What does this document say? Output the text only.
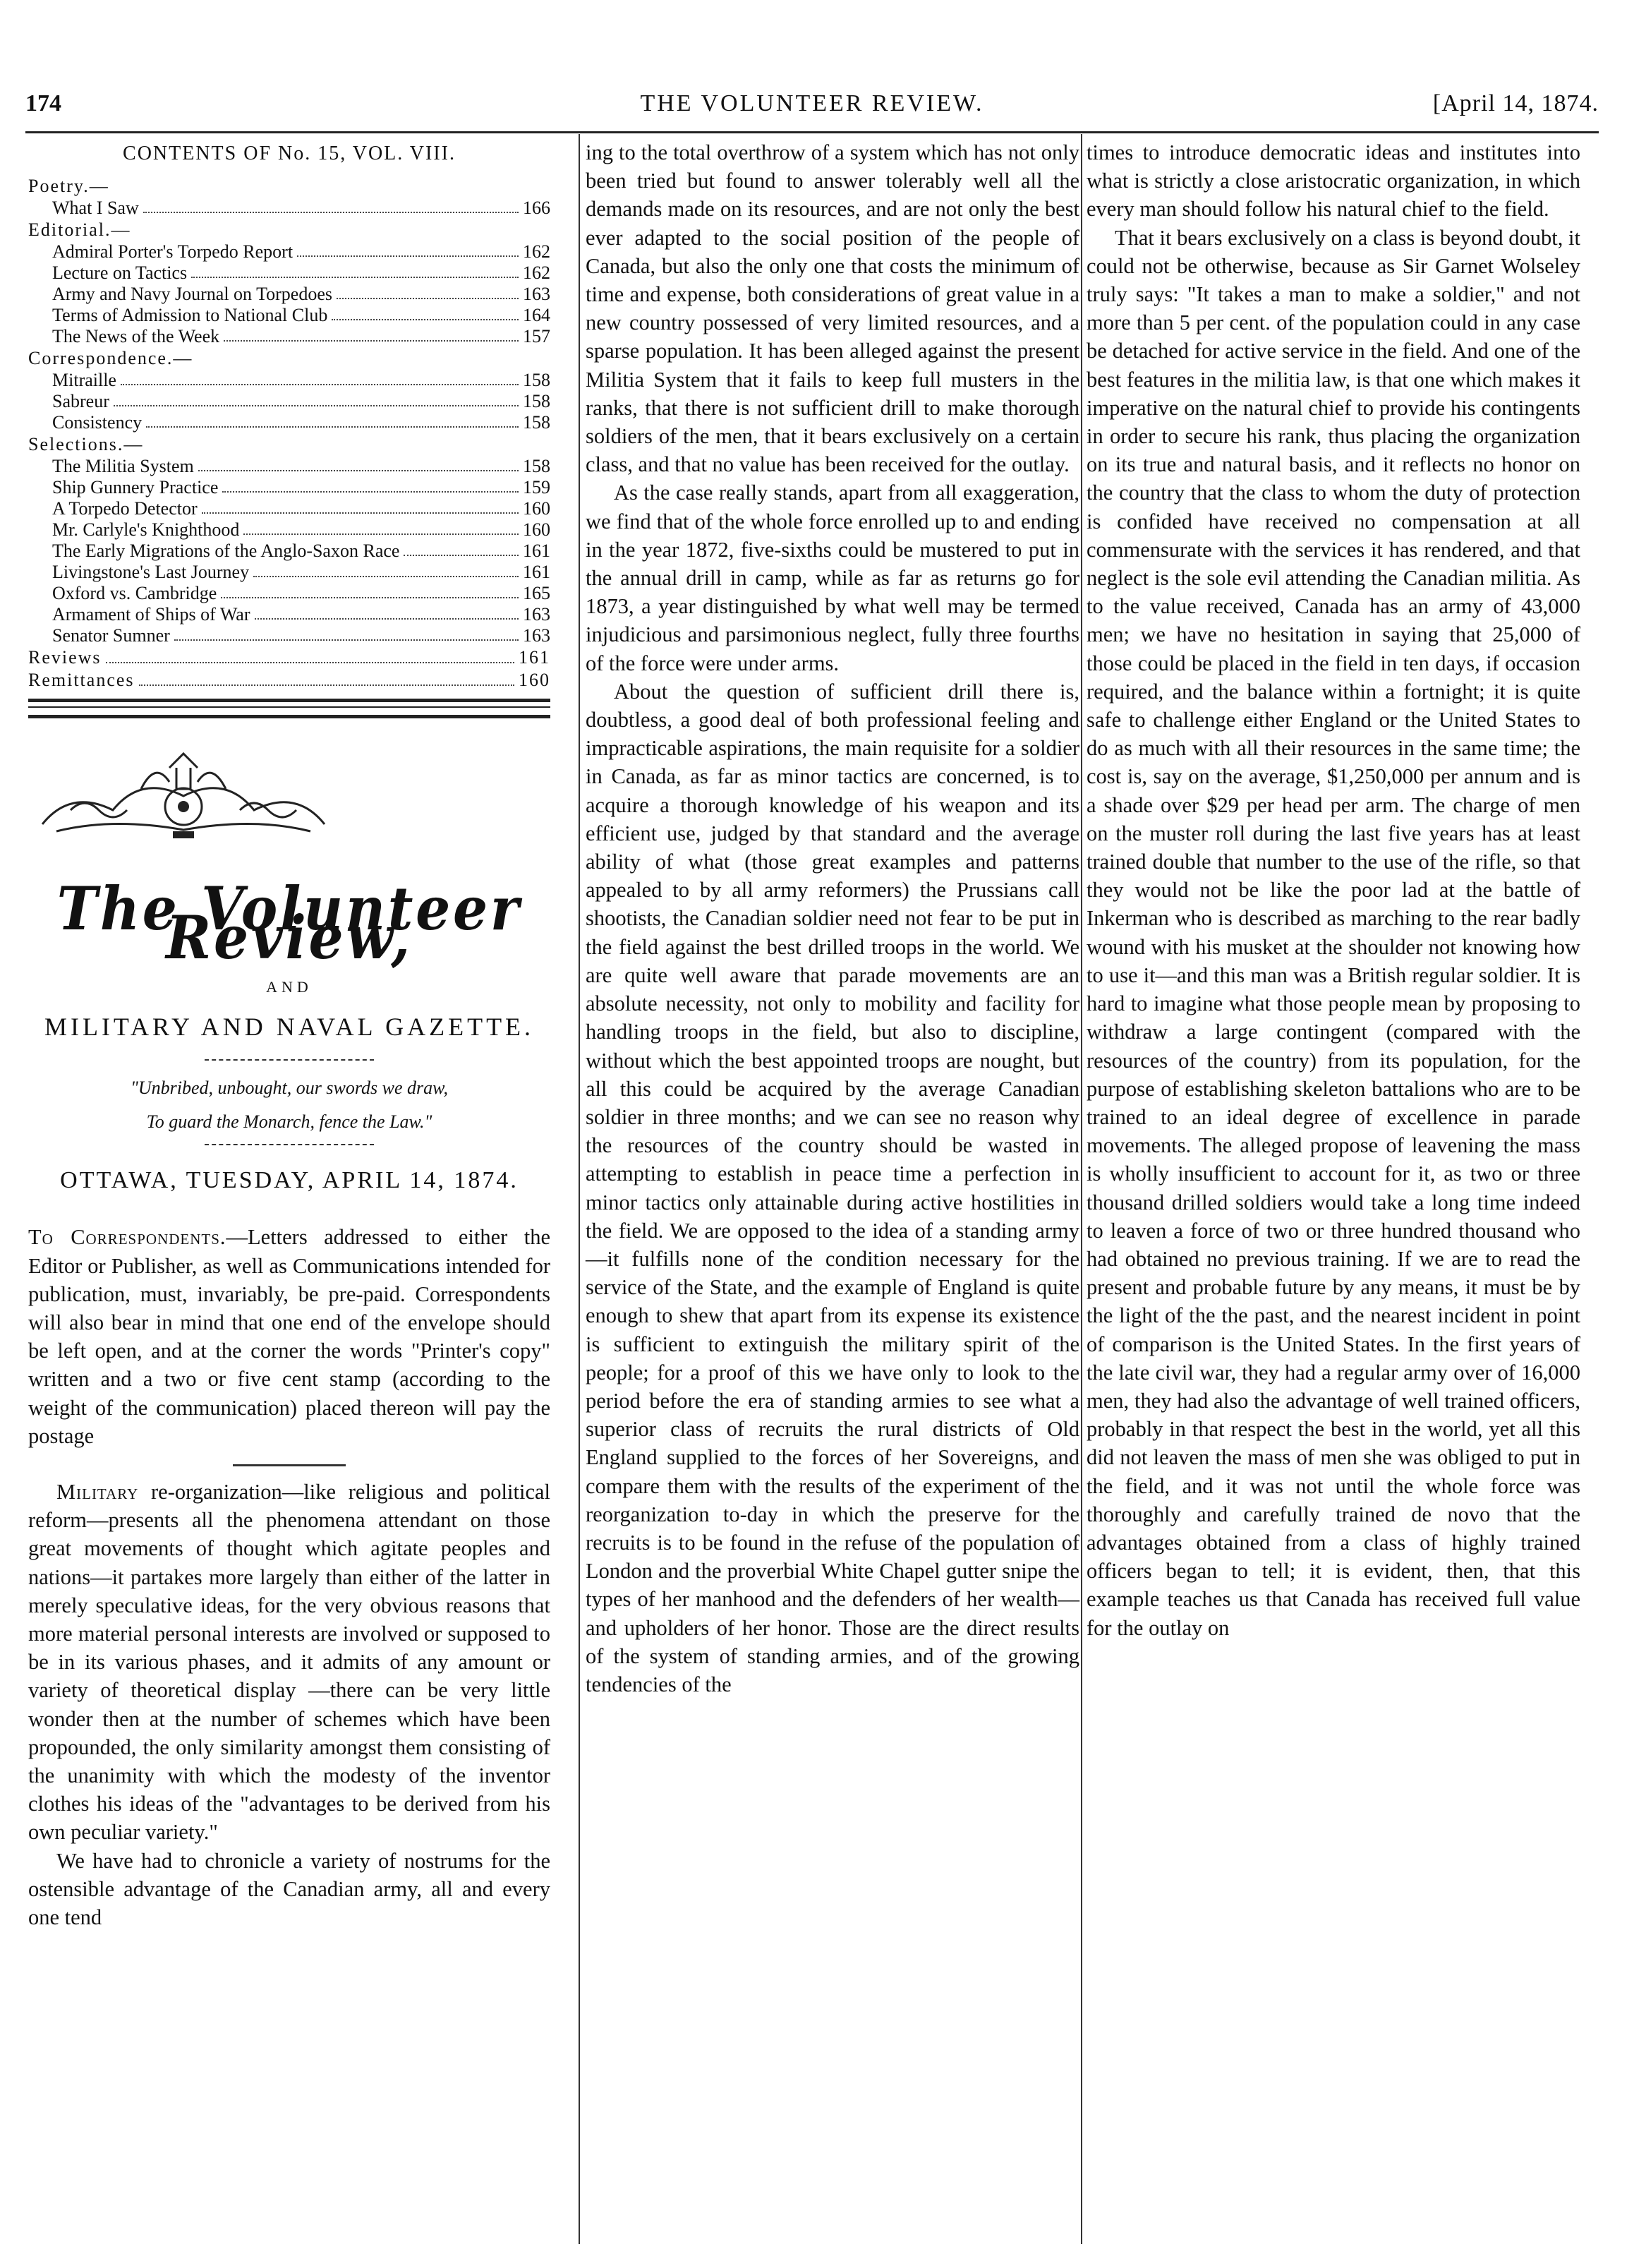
174	THE VOLUNTEER REVIEW.	[April 14, 1874.
CONTENTS OF No. 15, VOL. VIII.
Poetry.—
What I Saw	166
Editorial.—
Admiral Porter's Torpedo Report	162
Lecture on Tactics	162
Army and Navy Journal on Torpedoes	163
Terms of Admission to National Club	164
The News of the Week	157
Correspondence.—
Mitraille	158
Sabreur	158
Consistency	158
Selections.—
The Militia System	158
Ship Gunnery Practice	159
A Torpedo Detector	160
Mr. Carlyle's Knighthood	160
The Early Migrations of the Anglo-Saxon Race	161
Livingstone's Last Journey	161
Oxford vs. Cambridge	165
Armament of Ships of War	163
Senator Sumner	163
Reviews	161
Remittances	160
The Volunteer Review,
AND
MILITARY AND NAVAL GAZETTE.
"Unbribed, unbought, our swords we draw,
To guard the Monarch, fence the Law."
OTTAWA, TUESDAY, APRIL 14, 1874.

To Correspondents.—Letters addressed to either the Editor or Publisher, as well as Communications intended for publication, must, invariably, be pre-paid. Correspondents will also bear in mind that one end of the envelope should be left open, and at the corner the words "Printer's copy" written and a two or five cent stamp (according to the weight of the communication) placed thereon will pay the postage

Military re-organization—like religious and political reform—presents all the phenomena attendant on those great movements of thought which agitate peoples and nations—it partakes more largely than either of the latter in merely speculative ideas, for the very obvious reasons that more material personal interests are involved or supposed to be in its various phases, and it admits of any amount or variety of theoretical display —there can be very little wonder then at the number of schemes which have been propounded, the only similarity amongst them consisting of the unanimity with which the modesty of the inventor clothes his ideas of the "advantages to be derived from his own peculiar variety."

We have had to chronicle a variety of nostrums for the ostensible advantage of the Canadian army, all and every one tend

ing to the total overthrow of a system which has not only been tried but found to answer tolerably well all the demands made on its resources, and are not only the best ever adapted to the social position of the people of Canada, but also the only one that costs the minimum of time and expense, both considerations of great value in a new country possessed of very limited resources, and a sparse population. It has been alleged against the present Militia System that it fails to keep full musters in the ranks, that there is not sufficient drill to make thorough soldiers of the men, that it bears exclusively on a certain class, and that no value has been received for the outlay.

As the case really stands, apart from all exaggeration, we find that of the whole force enrolled up to and ending in the year 1872, five-sixths could be mustered to put in the annual drill in camp, while as far as returns go for 1873, a year distinguished by what well may be termed injudicious and parsimonious neglect, fully three fourths of the force were under arms.

About the question of sufficient drill there is, doubtless, a good deal of both professional feeling and impracticable aspirations, the main requisite for a soldier in Canada, as far as minor tactics are concerned, is to acquire a thorough knowledge of his weapon and its efficient use, judged by that standard and the average ability of what (those great examples and patterns appealed to by all army reformers) the Prussians call shootists, the Canadian soldier need not fear to be put in the field against the best drilled troops in the world. We are quite well aware that parade movements are an absolute necessity, not only to mobility and facility for handling troops in the field, but also to discipline, without which the best appointed troops are nought, but all this could be acquired by the average Canadian soldier in three months; and we can see no reason why the resources of the country should be wasted in attempting to establish in peace time a perfection in minor tactics only attainable during active hostilities in the field. We are opposed to the idea of a standing army—it fulfills none of the condition necessary for the service of the State, and the example of England is quite enough to shew that apart from its expense its existence is sufficient to extinguish the military spirit of the people; for a proof of this we have only to look to the period before the era of standing armies to see what a superior class of recruits the rural districts of Old England supplied to the forces of her Sovereigns, and compare them with the results of the experiment of the reorganization to-day in which the preserve for the recruits is to be found in the refuse of the population of London and the proverbial White Chapel gutter snipe the types of her manhood and the defenders of her wealth—and upholders of her honor. Those are the direct results of the system of standing armies, and of the growing tendencies of the

times to introduce democratic ideas and institutes into what is strictly a close aristocratic organization, in which every man should follow his natural chief to the field.

That it bears exclusively on a class is beyond doubt, it could not be otherwise, because as Sir Garnet Wolseley truly says: "It takes a man to make a soldier," and not more than 5 per cent. of the population could in any case be detached for active service in the field. And one of the best features in the militia law, is that one which makes it imperative on the natural chief to provide his contingents in order to secure his rank, thus placing the organization on its true and natural basis, and it reflects no honor on the country that the class to whom the duty of protection is confided have received no compensation at all commensurate with the services it has rendered, and that neglect is the sole evil attending the Canadian militia. As to the value received, Canada has an army of 43,000 men; we have no hesitation in saying that 25,000 of those could be placed in the field in ten days, if occasion required, and the balance within a fortnight; it is quite safe to challenge either England or the United States to do as much with all their resources in the same time; the cost is, say on the average, $1,250,000 per annum and is a shade over $29 per head per arm. The charge of men on the muster roll during the last five years has at least trained double that number to the use of the rifle, so that they would not be like the poor lad at the battle of Inkerman who is described as marching to the rear badly wound with his musket at the shoulder not knowing how to use it—and this man was a British regular soldier. It is hard to imagine what those people mean by proposing to withdraw a large contingent (compared with the resources of the country) from its population, for the purpose of establishing skeleton battalions who are to be trained to an ideal degree of excellence in parade movements. The alleged propose of leavening the mass is wholly insufficient to account for it, as two or three thousand drilled soldiers would take a long time indeed to leaven a force of two or three hundred thousand who had obtained no previous training. If we are to read the present and probable future by any means, it must be by the light of the the past, and the nearest incident in point of comparison is the United States. In the first years of the late civil war, they had a regular army over of 16,000 men, they had also the advantage of well trained officers, probably in that respect the best in the world, yet all this did not leaven the mass of men she was obliged to put in the field, and it was not until the whole force was thoroughly and carefully trained de novo that the advantages obtained from a class of highly trained officers began to tell; it is evident, then, that this example teaches us that Canada has received full value for the outlay on
